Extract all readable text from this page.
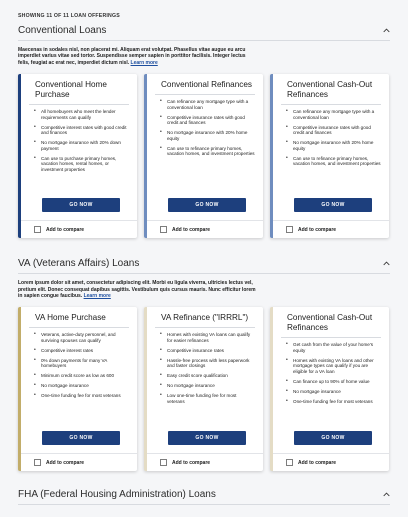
SHOWING 11 OF 11 LOAN OFFERINGS
Conventional Loans

Maecenas in sodales nisl, non placerat mi. Aliquam erat volutpat. Phasellus vitae augue eu arcu imperdiet varius vitae sed tortor. Suspendisse semper sapien in porttitor facilisis. Integer lectus felis, feugiat ac erat nec, imperdiet dictum nisl. Learn more

Conventional Home Purchase
• All homebuyers who meet the lender requirements can qualify
• Competitive interest rates with good credit and finances
• No mortgage insurance with 20% down payment
• Can use to purchase primary homes, vacation homes, rental homes, or investment properties
GO NOW
Add to compare
Conventional Refinances
• Can refinance any mortgage type with a conventional loan
• Competitive insurance rates with good credit and finances
• No mortgage insurance with 20% home equity
• Can use to refinance primary homes, vacation homes, and investment properties
GO NOW
Add to compare
Conventional Cash-Out Refinances
• Can refinance any mortgage type with a conventional loan
• Competitive insurance rates with good credit and finances
• No mortgage insurance with 20% home equity
• Can use to refinance primary homes, vacation homes, and investment properties
GO NOW
Add to compare
VA (Veterans Affairs) Loans

Lorem ipsum dolor sit amet, consectetur adipiscing elit. Morbi eu ligula viverra, ultricies lectus vel, pretium elit. Donec consequat dapibus sagittis. Vestibulum quis cursus mauris. Nunc efficitur lorem in sapien congue faucibus. Learn more

VA Home Purchase
• Veterans, active-duty personnel, and surviving spouses can qualify
• Competitive interest rates
• 0% down payments for many VA homebuyers
• Minimum credit score as low as 600
• No mortgage insurance
• One-time funding fee for most veterans
GO NOW
Add to compare
VA Refinance ("IRRRL")
• Homes with existing VA loans can qualify for easier refinances
• Competitive insurance rates
• Hassle-free process with less paperwork and faster closings
• Easy credit score qualification
• No mortgage insurance
• Low one-time funding fee for most veterans
GO NOW
Add to compare
Conventional Cash-Out Refinances
• Get cash from the value of your home's equity
• Homes with existing VA loans and other mortgage types can qualify if you are eligible for a VA loan
• Can finance up to 90% of home value
• No mortgage insurance
• One-time funding fee for most veterans
GO NOW
Add to compare
FHA (Federal Housing Administration) Loans
